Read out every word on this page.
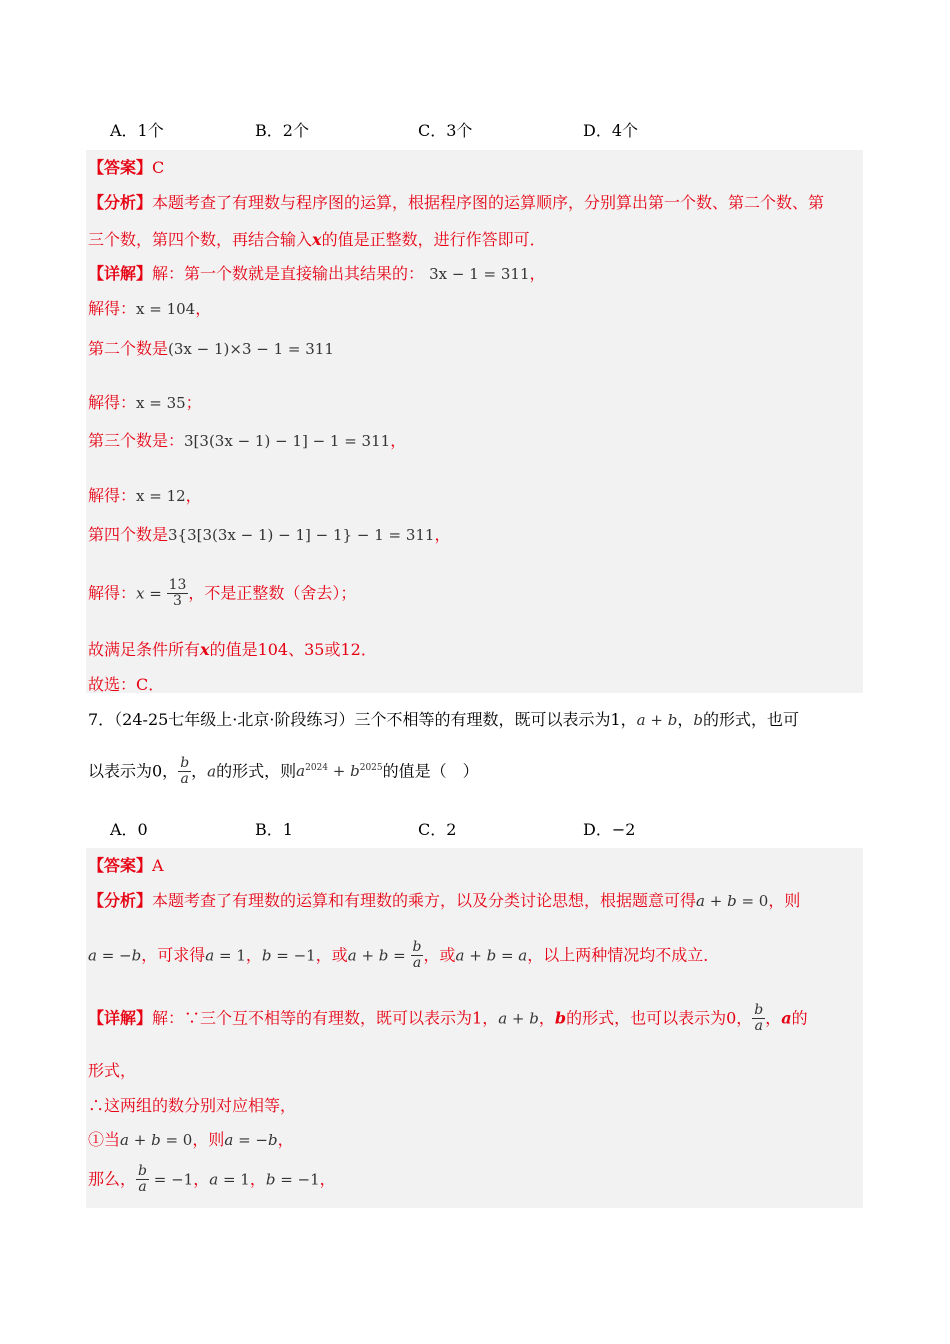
A．1个	B．2个	C．3个	D．4个
【答案】C
【分析】本题考查了有理数与程序图的运算，根据程序图的运算顺序，分别算出第一个数、第二个数、第
三个数，第四个数，再结合输入x的值是正整数，进行作答即可．
【详解】解：第一个数就是直接输出其结果的： 3x − 1 = 311，
解得：x = 104，
第二个数是(3x − 1)×3 − 1 = 311
解得：x = 35；
第三个数是：3[3(3x − 1) − 1] − 1 = 311，
解得：x = 12，
第四个数是3{3[3(3x − 1) − 1] − 1} − 1 = 311，
解得：$x = \frac{13}{3}$ ，不是正整数（舍去）；
故满足条件所有x的值是104、35或12．
故选：C．
7．（24-25七年级上·北京·阶段练习）三个不相等的有理数，既可以表示为1，a + b，b的形式，也可
以表示为0， $\frac{b}{a}$ ，a的形式，则$a^{2024} + b^{2025}$的值是（　）
A．0	B．1	C．2	D．−2
【答案】A
【分析】本题考查了有理数的运算和有理数的乘方，以及分类讨论思想，根据题意可得a + b = 0，则
a = −b，可求得a = 1，b = −1，或$a + b = \frac{b}{a}$ ，或a + b = a，以上两种情况均不成立．
【详解】解：∵三个互不相等的有理数，既可以表示为1，a + b，b的形式，也可以表示为0， $\frac{b}{a}$ ，a的
形式，
∴这两组的数分别对应相等，
①当a + b = 0，则a = −b，
那么， $\frac{b}{a} = -1$，a = 1，b = −1，
